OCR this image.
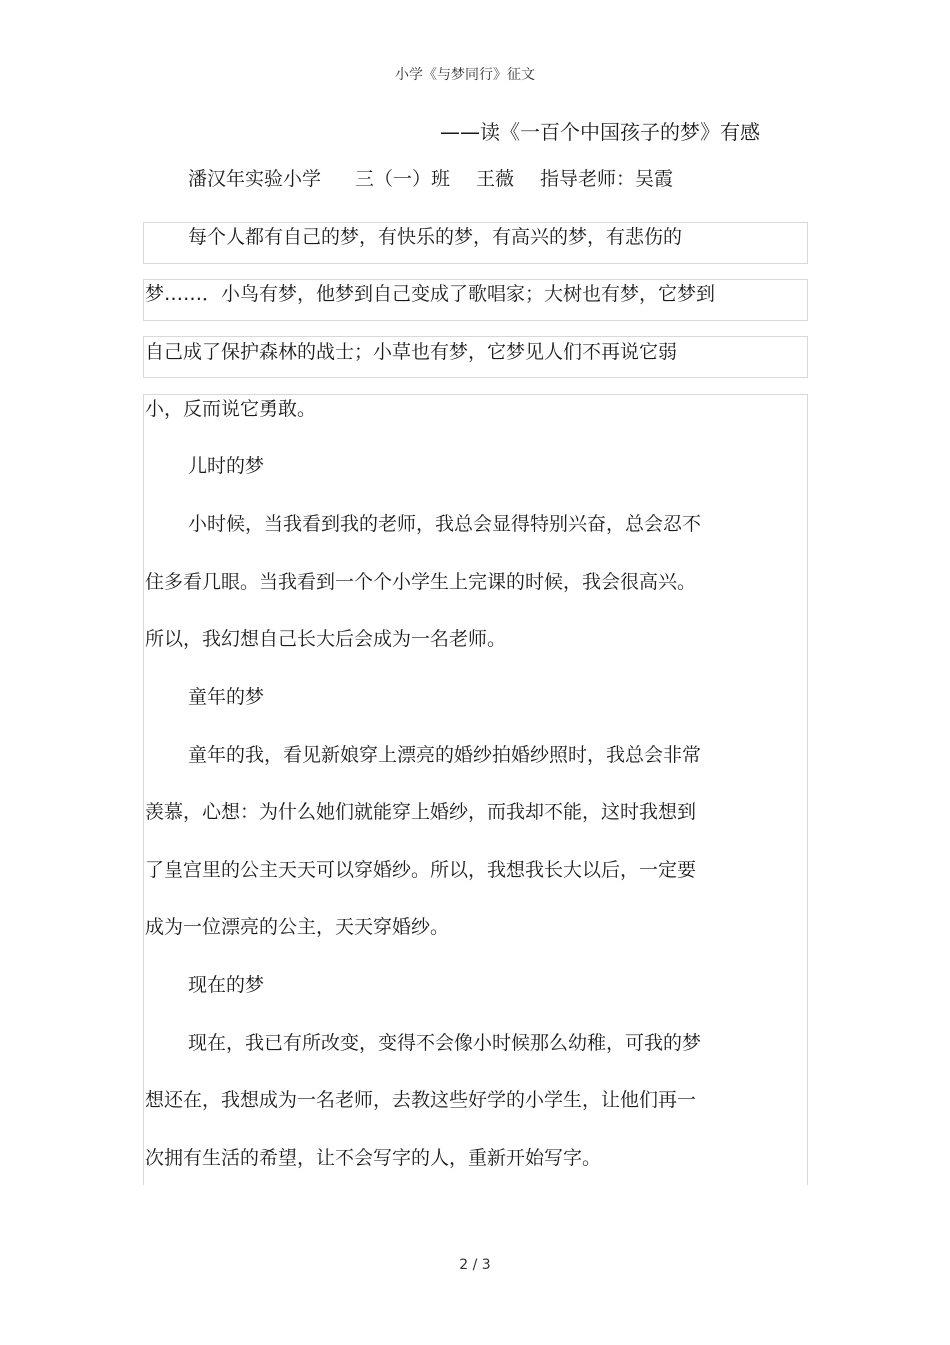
小学《与梦同行》征文
——读《一百个中国孩子的梦》有感
潘汉年实验小学 三（一）班 王薇 指导老师：吴霞
每个人都有自己的梦，有快乐的梦，有高兴的梦，有悲伤的
梦……．小鸟有梦，他梦到自己变成了歌唱家；大树也有梦，它梦到
自己成了保护森林的战士；小草也有梦，它梦见人们不再说它弱
小，反而说它勇敢。
儿时的梦
小时候，当我看到我的老师，我总会显得特别兴奋，总会忍不
住多看几眼。当我看到一个个小学生上完课的时候，我会很高兴。
所以，我幻想自己长大后会成为一名老师。
童年的梦
童年的我，看见新娘穿上漂亮的婚纱拍婚纱照时，我总会非常
羡慕，心想：为什么她们就能穿上婚纱，而我却不能，这时我想到
了皇宫里的公主天天可以穿婚纱。所以，我想我长大以后，一定要
成为一位漂亮的公主，天天穿婚纱。
现在的梦
现在，我已有所改变，变得不会像小时候那么幼稚，可我的梦
想还在，我想成为一名老师，去教这些好学的小学生，让他们再一
次拥有生活的希望，让不会写字的人，重新开始写字。
2 / 3
